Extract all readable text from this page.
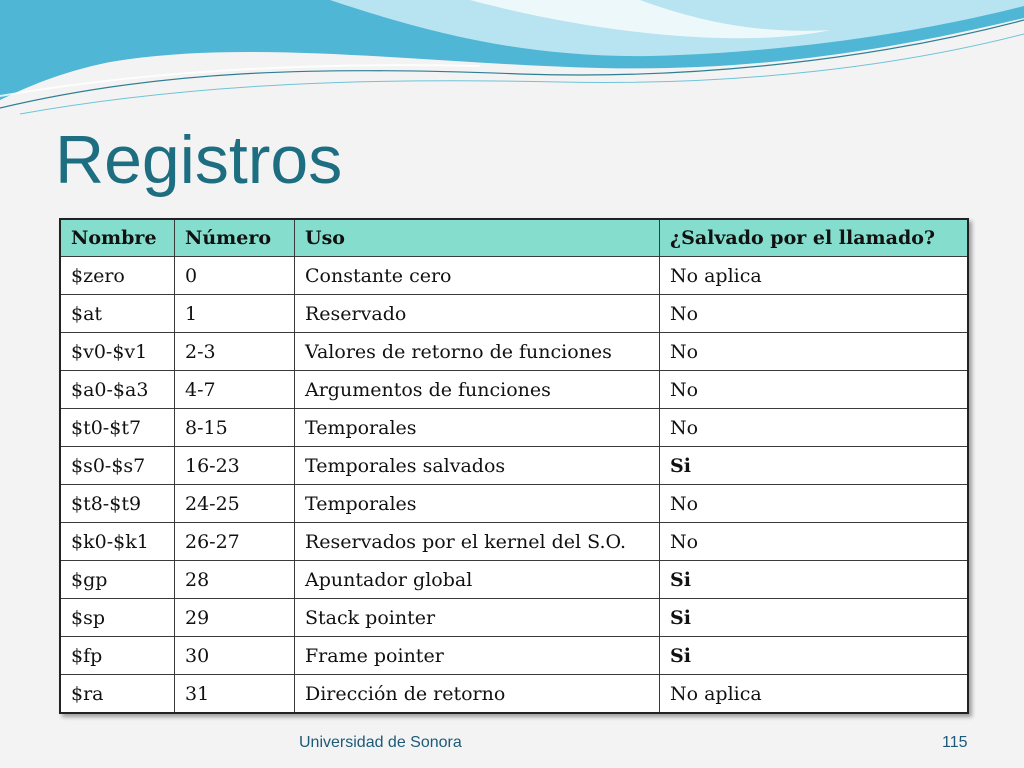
Registros
Nombre	Número	Uso	¿Salvado por el llamado?
$zero	0	Constante cero	No aplica
$at	1	Reservado	No
$v0-$v1	2-3	Valores de retorno de funciones	No
$a0-$a3	4-7	Argumentos de funciones	No
$t0-$t7	8-15	Temporales	No
$s0-$s7	16-23	Temporales salvados	Si
$t8-$t9	24-25	Temporales	No
$k0-$k1	26-27	Reservados por el kernel del S.O.	No
$gp	28	Apuntador global	Si
$sp	29	Stack pointer	Si
$fp	30	Frame pointer	Si
$ra	31	Dirección de retorno	No aplica
Universidad de Sonora	115
